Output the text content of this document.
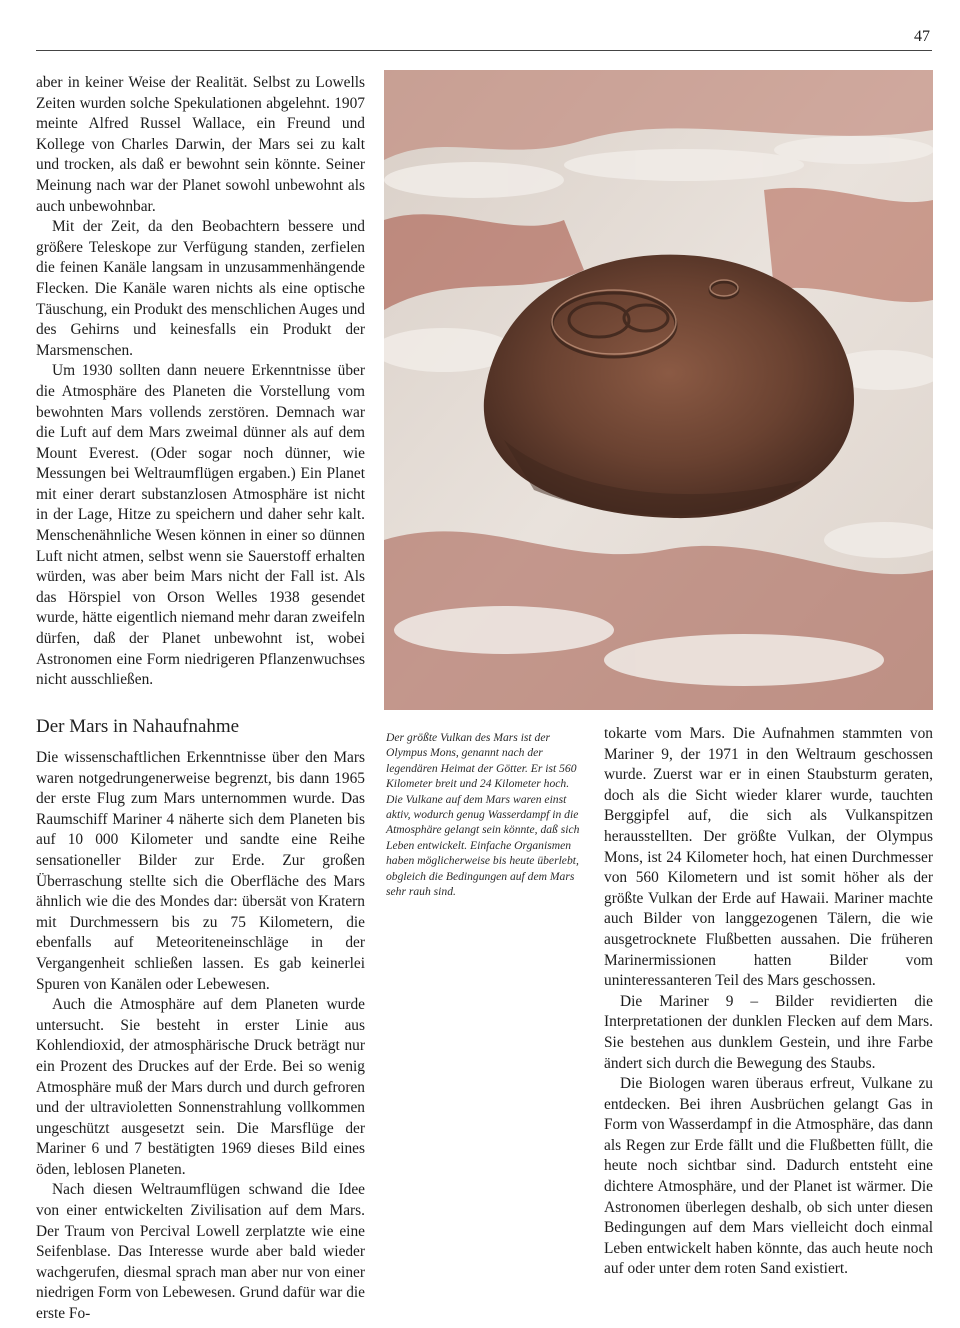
47

aber in keiner Weise der Realität. Selbst zu Lowells Zeiten wurden solche Spekulationen abgelehnt. 1907 meinte Alfred Russel Wallace, ein Freund und Kollege von Charles Darwin, der Mars sei zu kalt und trocken, als daß er bewohnt sein könnte. Seiner Meinung nach war der Planet sowohl unbewohnt als auch unbewohnbar.

Mit der Zeit, da den Beobachtern bessere und größere Teleskope zur Verfügung standen, zerfielen die feinen Kanäle langsam in unzusammenhängende Flecken. Die Kanäle waren nichts als eine optische Täuschung, ein Produkt des menschlichen Auges und des Gehirns und keinesfalls ein Produkt der Marsmenschen.

Um 1930 sollten dann neuere Erkenntnisse über die Atmosphäre des Planeten die Vorstellung vom bewohnten Mars vollends zerstören. Demnach war die Luft auf dem Mars zweimal dünner als auf dem Mount Everest. (Oder sogar noch dünner, wie Messungen bei Weltraumflügen ergaben.) Ein Planet mit einer derart substanzlosen Atmosphäre ist nicht in der Lage, Hitze zu speichern und daher sehr kalt. Menschenähnliche Wesen können in einer so dünnen Luft nicht atmen, selbst wenn sie Sauerstoff erhalten würden, was aber beim Mars nicht der Fall ist. Als das Hörspiel von Orson Welles 1938 gesendet wurde, hätte eigentlich niemand mehr daran zweifeln dürfen, daß der Planet unbewohnt ist, wobei Astronomen eine Form niedrigeren Pflanzenwuchses nicht ausschließen.

Der Mars in Nahaufnahme

Die wissenschaftlichen Erkenntnisse über den Mars waren notgedrungenerweise begrenzt, bis dann 1965 der erste Flug zum Mars unternommen wurde. Das Raumschiff Mariner 4 näherte sich dem Planeten bis auf 10 000 Kilometer und sandte eine Reihe sensationeller Bilder zur Erde. Zur großen Überraschung stellte sich die Oberfläche des Mars ähnlich wie die des Mondes dar: übersät von Kratern mit Durchmessern bis zu 75 Kilometern, die ebenfalls auf Meteoriteneinschläge in der Vergangenheit schließen lassen. Es gab keinerlei Spuren von Kanälen oder Lebewesen.

Auch die Atmosphäre auf dem Planeten wurde untersucht. Sie besteht in erster Linie aus Kohlendioxid, der atmosphärische Druck beträgt nur ein Prozent des Druckes auf der Erde. Bei so wenig Atmosphäre muß der Mars durch und durch gefroren und der ultravioletten Sonnenstrahlung vollkommen ungeschützt ausgesetzt sein. Die Marsflüge der Mariner 6 und 7 bestätigten 1969 dieses Bild eines öden, leblosen Planeten.

Nach diesen Weltraumflügen schwand die Idee von einer entwickelten Zivilisation auf dem Mars. Der Traum von Percival Lowell zerplatzte wie eine Seifenblase. Das Interesse wurde aber bald wieder wachgerufen, diesmal sprach man aber nur von einer niedrigen Form von Lebewesen. Grund dafür war die erste Fo-

Der größte Vulkan des Mars ist der Olympus Mons, genannt nach der legendären Heimat der Götter. Er ist 560 Kilometer breit und 24 Kilometer hoch. Die Vulkane auf dem Mars waren einst aktiv, wodurch genug Wasserdampf in die Atmosphäre gelangt sein könnte, daß sich Leben entwickelt. Einfache Organismen haben möglicherweise bis heute überlebt, obgleich die Bedingungen auf dem Mars sehr rauh sind.

tokarte vom Mars. Die Aufnahmen stammten von Mariner 9, der 1971 in den Weltraum geschossen wurde. Zuerst war er in einen Staubsturm geraten, doch als die Sicht wieder klarer wurde, tauchten Berggipfel auf, die sich als Vulkanspitzen herausstellten. Der größte Vulkan, der Olympus Mons, ist 24 Kilometer hoch, hat einen Durchmesser von 560 Kilometern und ist somit höher als der größte Vulkan der Erde auf Hawaii. Mariner machte auch Bilder von langgezogenen Tälern, die wie ausgetrocknete Flußbetten aussahen. Die früheren Marinermissionen hatten Bilder vom uninteressanteren Teil des Mars geschossen.

Die Mariner 9 – Bilder revidierten die Interpretationen der dunklen Flecken auf dem Mars. Sie bestehen aus dunklem Gestein, und ihre Farbe ändert sich durch die Bewegung des Staubs.

Die Biologen waren überaus erfreut, Vulkane zu entdecken. Bei ihren Ausbrüchen gelangt Gas in Form von Wasserdampf in die Atmosphäre, das dann als Regen zur Erde fällt und die Flußbetten füllt, die heute noch sichtbar sind. Dadurch entsteht eine dichtere Atmosphäre, und der Planet ist wärmer. Die Astronomen überlegen deshalb, ob sich unter diesen Bedingungen auf dem Mars vielleicht doch einmal Leben entwickelt haben könnte, das auch heute noch auf oder unter dem roten Sand existiert.
